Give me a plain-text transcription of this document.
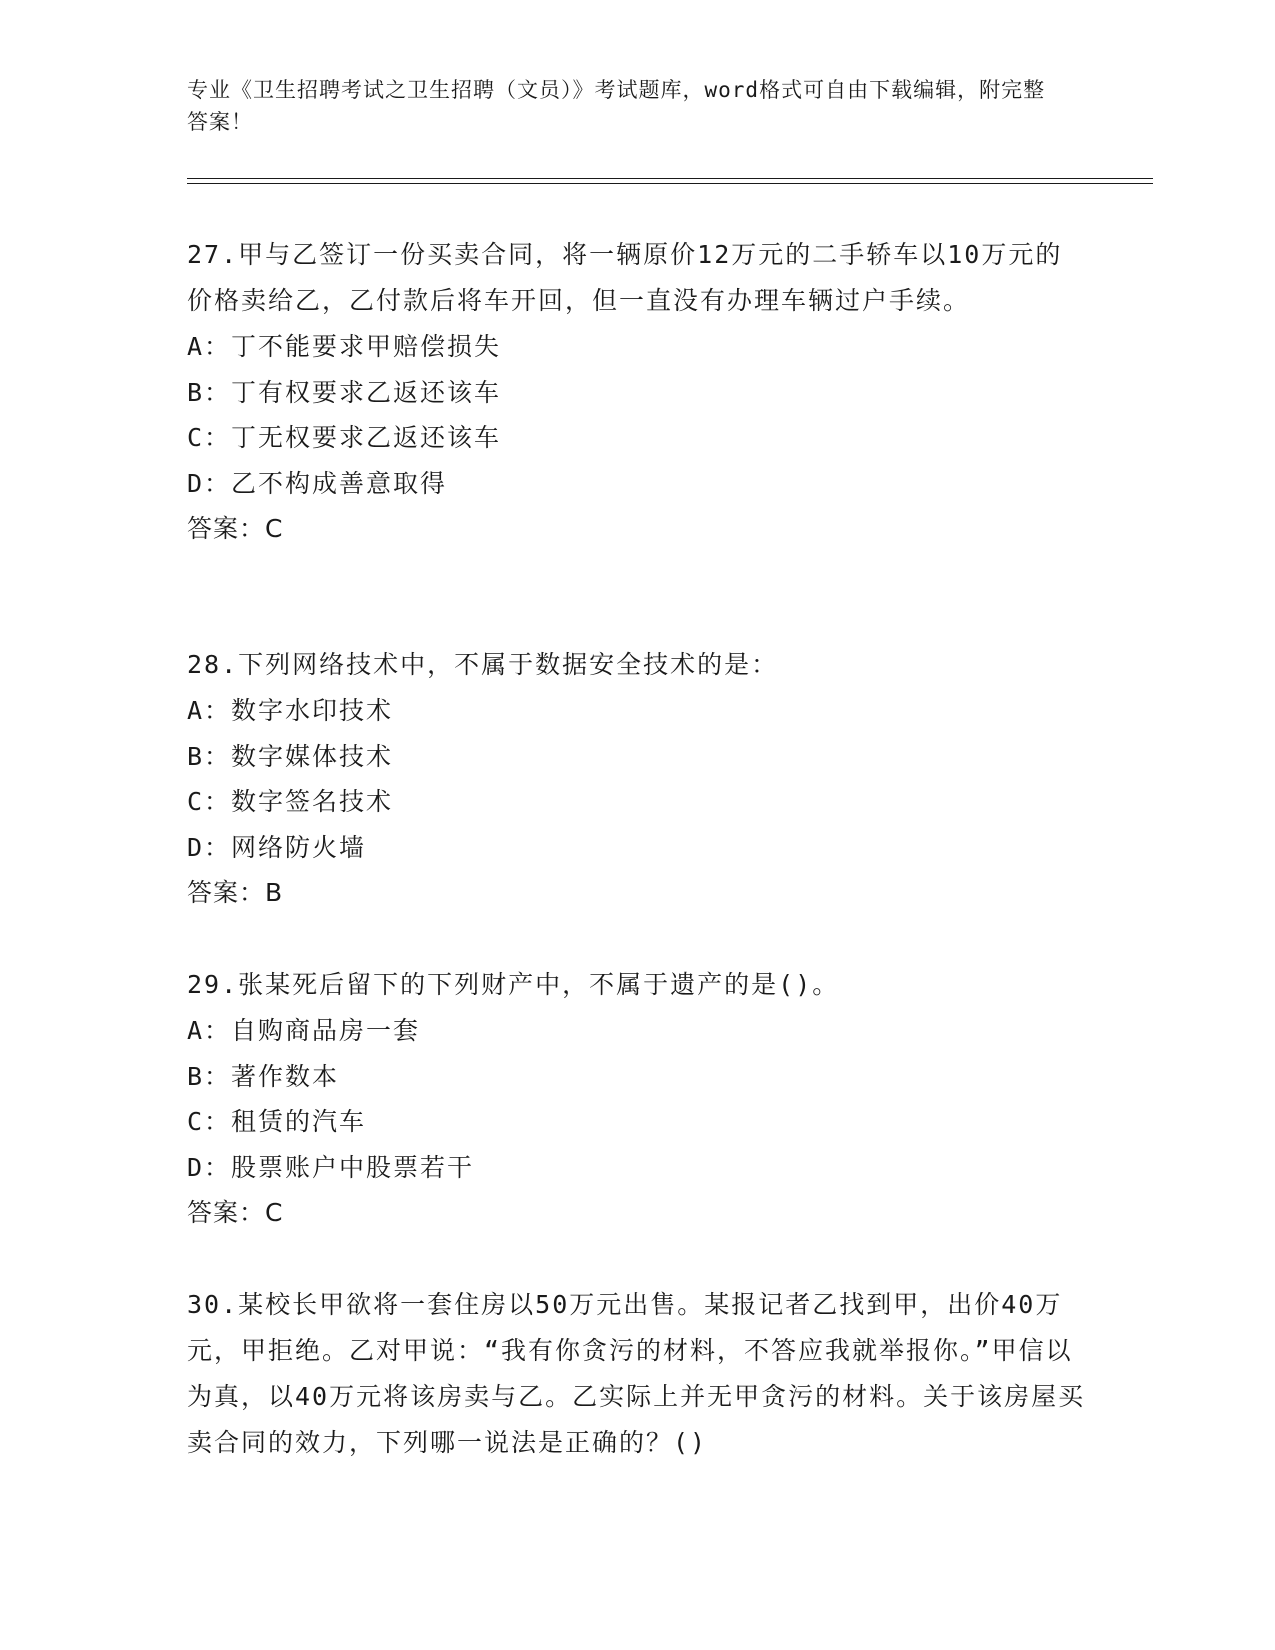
专业《卫生招聘考试之卫生招聘（文员）》考试题库，word格式可自由下载编辑，附完整答案！

27.甲与乙签订一份买卖合同，将一辆原价12万元的二手轿车以10万元的价格卖给乙，乙付款后将车开回，但一直没有办理车辆过户手续。

A：丁不能要求甲赔偿损失

B：丁有权要求乙返还该车

C：丁无权要求乙返还该车

D：乙不构成善意取得

答案：C

28.下列网络技术中，不属于数据安全技术的是：

A：数字水印技术

B：数字媒体技术

C：数字签名技术

D：网络防火墙

答案：B

29.张某死后留下的下列财产中，不属于遗产的是()。

A：自购商品房一套

B：著作数本

C：租赁的汽车

D：股票账户中股票若干

答案：C

30.某校长甲欲将一套住房以50万元出售。某报记者乙找到甲，出价40万元，甲拒绝。乙对甲说：“我有你贪污的材料，不答应我就举报你。”甲信以为真，以40万元将该房卖与乙。乙实际上并无甲贪污的材料。关于该房屋买卖合同的效力，下列哪一说法是正确的？()
